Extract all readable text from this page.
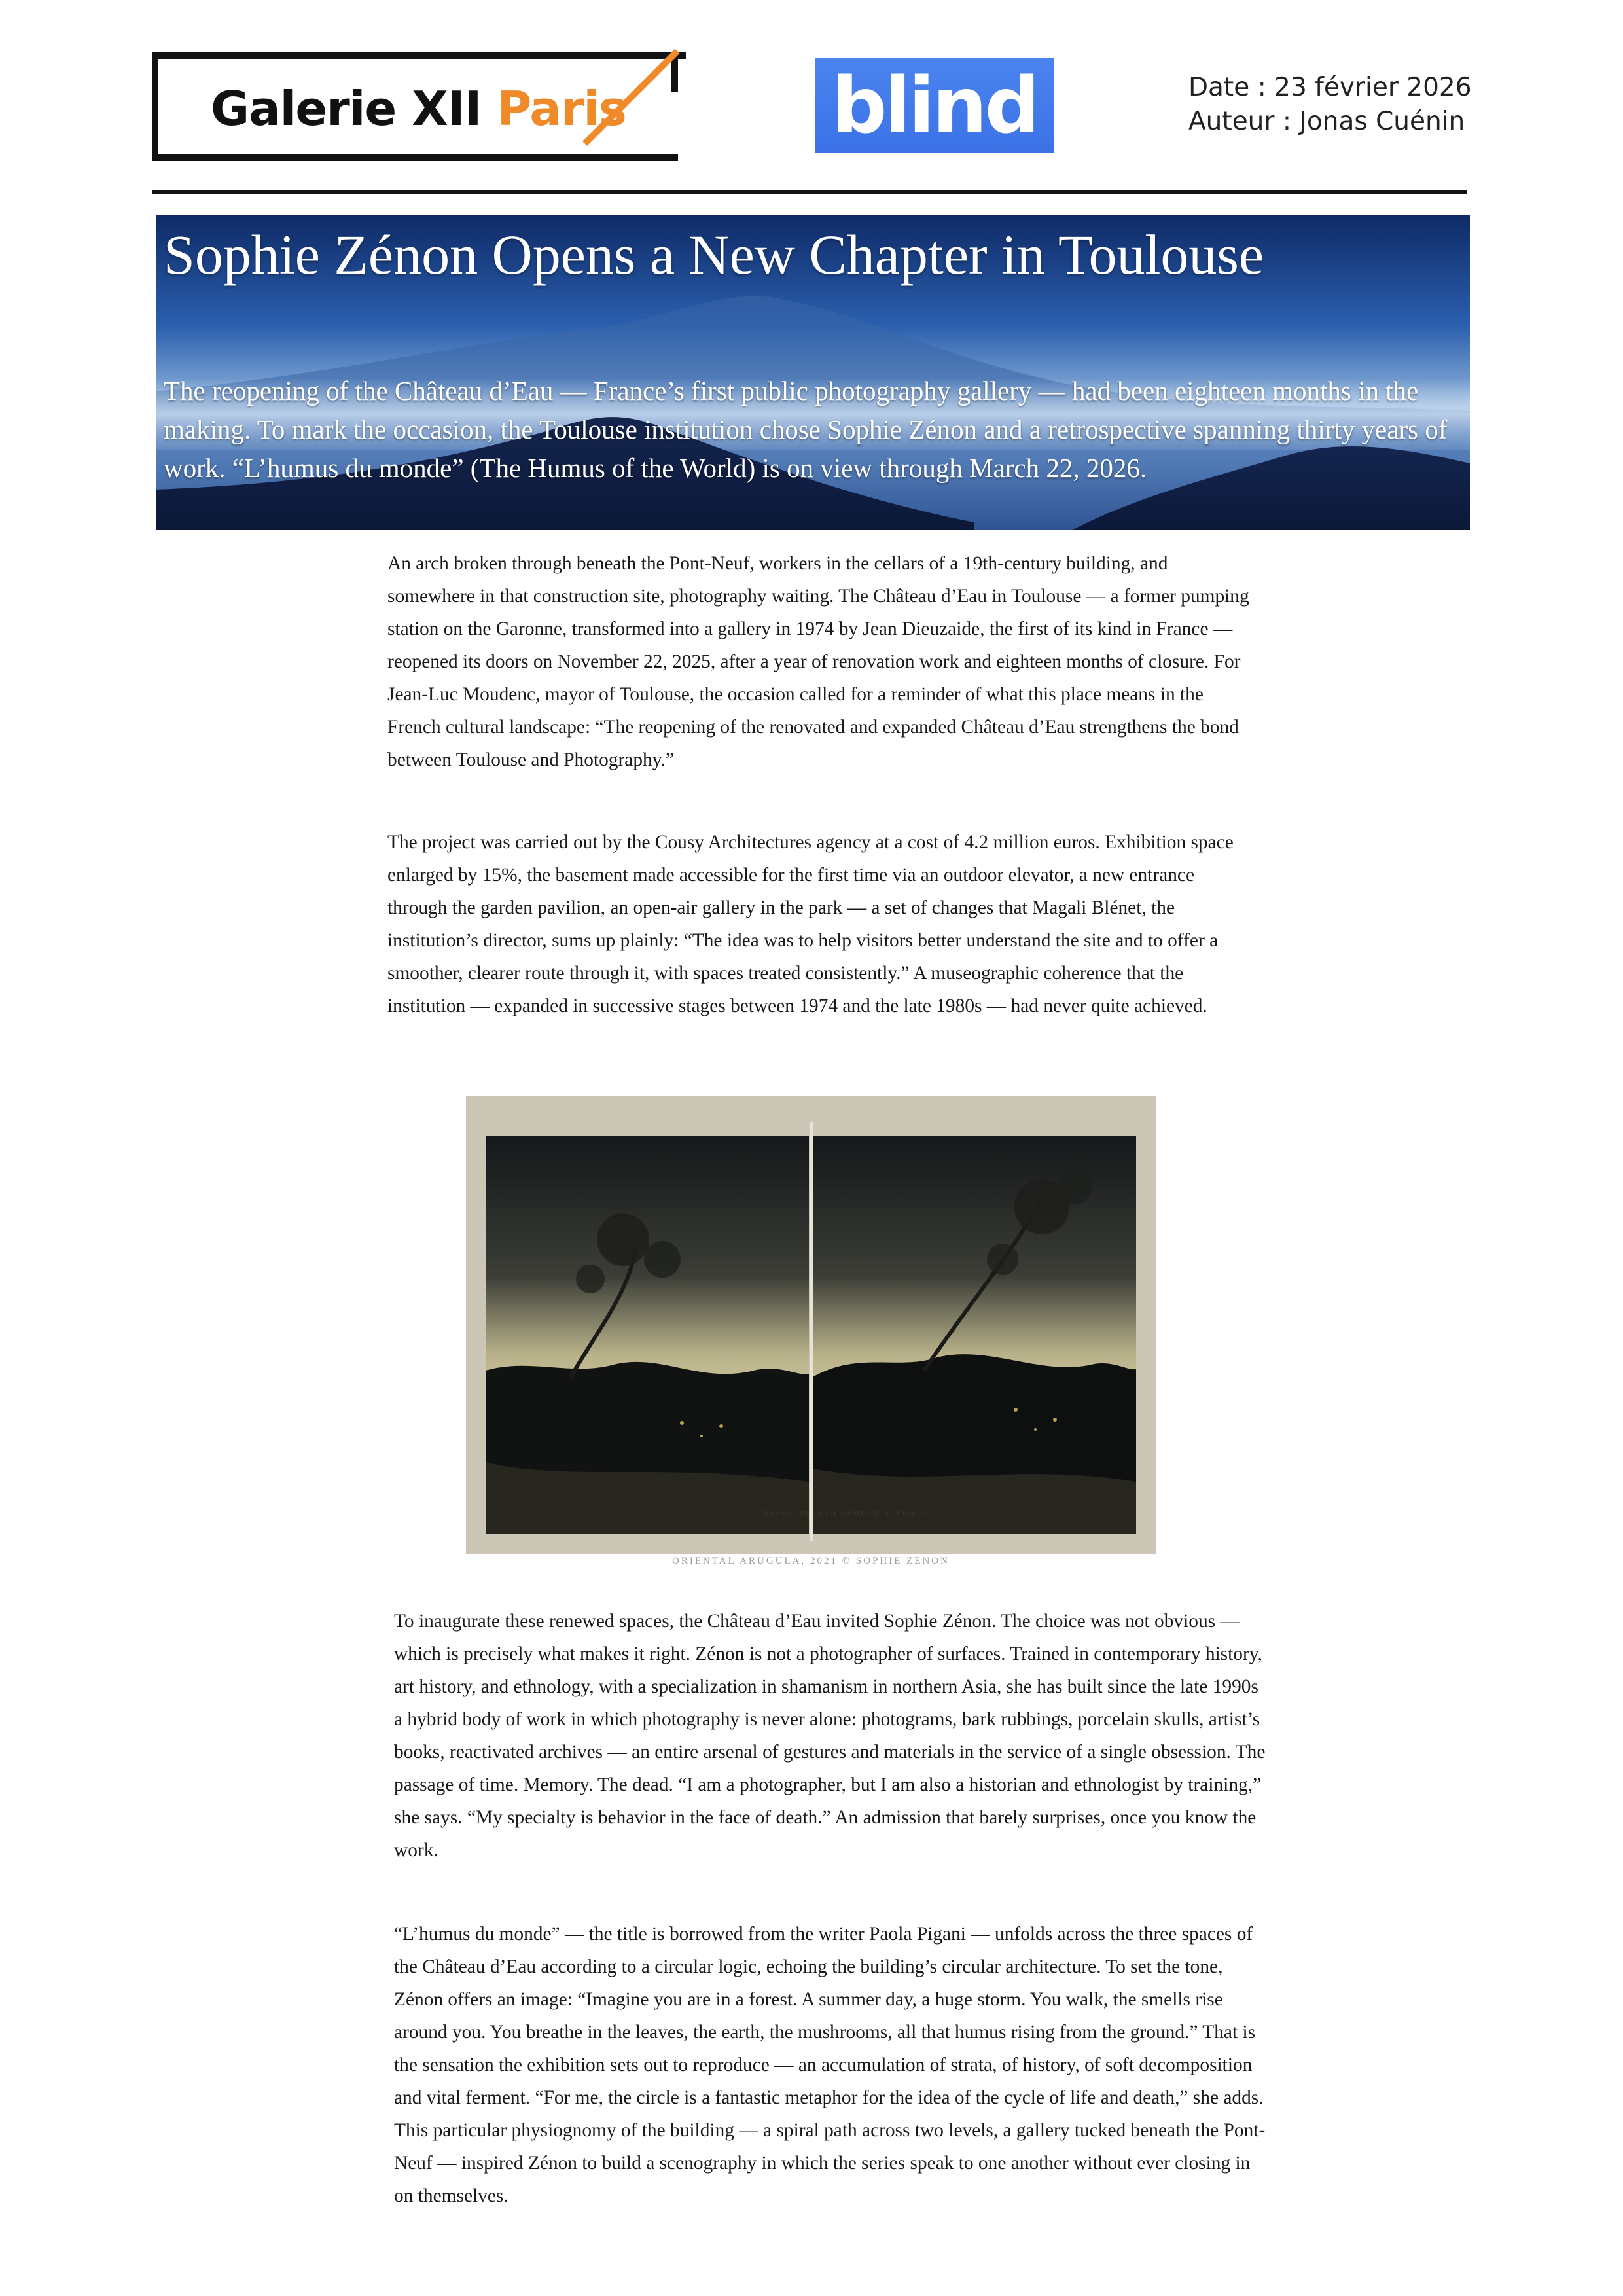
Galerie XII Paris	blind	Date : 23 février 2026
Auteur : Jonas Cuénin
Sophie Zénon Opens a New Chapter in Toulouse
The reopening of the Château d’Eau — France’s first public photography gallery — had been eighteen months in the making. To mark the occasion, the Toulouse institution chose Sophie Zénon and a retrospective spanning thirty years of work. “L’humus du monde” (The Humus of the World) is on view through March 22, 2026.
An arch broken through beneath the Pont-Neuf, workers in the cellars of a 19th-century building, and somewhere in that construction site, photography waiting. The Château d’Eau in Toulouse — a former pumping station on the Garonne, transformed into a gallery in 1974 by Jean Dieuzaide, the first of its kind in France — reopened its doors on November 22, 2025, after a year of renovation work and eighteen months of closure. For Jean-Luc Moudenc, mayor of Toulouse, the occasion called for a reminder of what this place means in the French cultural landscape: “The reopening of the renovated and expanded Château d’Eau strengthens the bond between Toulouse and Photography.”
The project was carried out by the Cousy Architectures agency at a cost of 4.2 million euros. Exhibition space enlarged by 15%, the basement made accessible for the first time via an outdoor elevator, a new entrance through the garden pavilion, an open-air gallery in the park — a set of changes that Magali Blénet, the institution’s director, sums up plainly: “The idea was to help visitors better understand the site and to offer a smoother, clearer route through it, with spaces treated consistently.” A museographic coherence that the institution — expanded in successive stages between 1974 and the late 1980s — had never quite achieved.
FOLIAGE ON THE CHAMP OF BEYRILLE
ORIENTAL ARUGULA, 2021 © SOPHIE ZÉNON
To inaugurate these renewed spaces, the Château d’Eau invited Sophie Zénon. The choice was not obvious — which is precisely what makes it right. Zénon is not a photographer of surfaces. Trained in contemporary history, art history, and ethnology, with a specialization in shamanism in northern Asia, she has built since the late 1990s a hybrid body of work in which photography is never alone: photograms, bark rubbings, porcelain skulls, artist’s books, reactivated archives — an entire arsenal of gestures and materials in the service of a single obsession. The passage of time. Memory. The dead. “I am a photographer, but I am also a historian and ethnologist by training,” she says. “My specialty is behavior in the face of death.” An admission that barely surprises, once you know the work.
“L’humus du monde” — the title is borrowed from the writer Paola Pigani — unfolds across the three spaces of the Château d’Eau according to a circular logic, echoing the building’s circular architecture. To set the tone, Zénon offers an image: “Imagine you are in a forest. A summer day, a huge storm. You walk, the smells rise around you. You breathe in the leaves, the earth, the mushrooms, all that humus rising from the ground.” That is the sensation the exhibition sets out to reproduce — an accumulation of strata, of history, of soft decomposition and vital ferment. “For me, the circle is a fantastic metaphor for the idea of the cycle of life and death,” she adds. This particular physiognomy of the building — a spiral path across two levels, a gallery tucked beneath the Pont-Neuf — inspired Zénon to build a scenography in which the series speak to one another without ever closing in on themselves.
